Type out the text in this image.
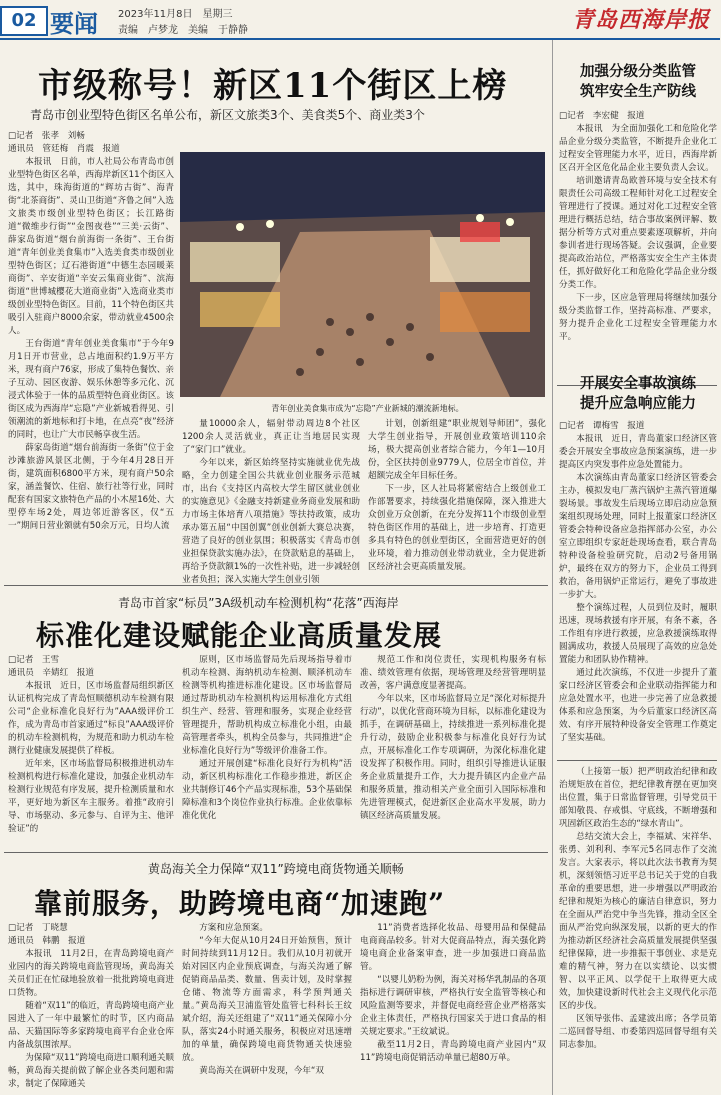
02 要闻 2023年11月8日　星期三
责编　卢梦龙　美编　于静静	青岛西海岸报
市级称号！新区11个街区上榜
青岛市创业型特色街区名单公布，新区文旅类3个、美食类5个、商业类3个
□记者　张孝　刘畅
通讯员　管廷梅　肖震　报道

本报讯　日前，市人社局公布青岛市创业型特色街区名单，西海岸新区11个街区入选，其中，珠海街道的“辉坊古街”、海青街“北茶商街”、灵山卫街道“齐鲁之间”入选文旅类市级创业型特色街区；长江路街道“微维步行街”“金图夜巷”“三美·云街”、薛家岛街道“烟台前海街一条街”、王台街道“青年创业美食集市”入选美食类市级创业型特色街区；辽石港街道“中德生态园暖莱商街”、辛安街道“辛安云集商业街”、滨海街道“世博城樱花大道商业街”入选商业类市级创业型特色街区。目前，11个特色街区共吸引入驻商户8000余家，带动就业4500余人。

王台街道“青年创业美食集市”于今年9月1日开市营业，总占地面积约1.9万平方米，现有商户76家，形成了集特色餐饮、亲子互动、园区夜游、娱乐休憩等多元化、沉浸式体验于一体的品质型特色商业街区。该街区成为西海岸“忘隐”产业新城看得见、引领潮流的新地标和打卡地，在点亮“夜”经济的同时，也让广大市民畅享夜生活。

薛家岛街道“烟台前海街一条街”位于金沙滩旅游风景区北侧，于今年4月28日开街，建筑面积6800平方米，现有商户50余家，涵盖餐饮、住宿、旅行社等行业，同时配套有国家文旅特色产品的小木屋16处、大型停车场2处，周边邻近游客区，仅“五一”期间日营业额就有50余万元，日均人流

青年创业美食集市成为“忘隐”产业新城的潮流新地标。

量10000余人，辐射带动周边8个社区1200余人灵活就业，真正让当地居民实现了“家门口”就业。

今年以来，新区始终坚持实施就业优先战略，全力创建全国公共就业创业服务示范城市，出台《支持区内高校大学生留区就业创业的实施意见》《金融支持新建业务商业发展和助力市场主体培育八项措施》等扶持政策，成功承办第五届“中国创翼”创业创新大赛总决赛，营造了良好的创业氛围；积极落实《青岛市创业担保贷款实施办法》，在贷款贴息的基础上，再给予贷款额1%的一次性补贴，进一步减轻创业者负担；深入实施大学生创业引领

计划，创新组建“职业规划导师团”，强化大学生创业指导，开展创业政策培训110余场，极大提高创业者综合能力，今年1—10月份，全区扶持创业9779人，位居全市首位，并超额完成全年目标任务。

下一步，区人社局将紧密结合上级创业工作部署要求，持续强化措施保障，深入推进大众创业万众创新，在充分发挥11个市级创业型特色街区作用的基础上，进一步培育、打造更多具有特色的创业型街区，全面营造更好的创业环境，着力推动创业带动就业，全力促进新区经济社会更高质量发展。

青岛市首家“标员”3A级机动车检测机构“花落”西海岸
标准化建设赋能企业高质量发展
□记者　王雪
通讯员　辛婧红　报道

本报讯　近日，区市场监督局组织新区认证机构完成了青岛恒顺德机动车检测有限公司“企业标准化良好行为”AAA级评价工作，成为青岛市首家通过“标良”AAA级评价的机动车检测机构，为规范和助力机动车检测行业健康发展提供了样板。

近年来，区市场监督局积极推进机动车检测机构进行标准化建设，加强企业机动车检测行业规范有序发展，提升检测质量和水平，更好地为新区车主服务。着推“政府引导、市场驱动、多元参与、自评为主、他评验证”的

原则，区市场监督局先后现场指导着市机动车检测、海纳机动车检测、顺泽机动车检测等机构推进标准化建设。区市场监督局通过帮助机动车检测机构运用标准化方式组织生产、经营、管理和服务，实现企业经营管理提升，帮助机构成立标准化小组，由最高管理者牵头，机构全员参与，共同推进“企业标准化良好行为”等级评价准备工作。

通过开展创建“标准化良好行为机构”活动，新区机构标准化工作稳步推进，新区企业共制修订46个产品实现标准，53个基础保障标准和3个岗位作业执行标准。企业依靠标准化优化

规范工作和岗位责任，实现机构服务有标准、绩效管理有依据，现场管理及经营管理明显改善，客户满意度显著提高。

今年以来，区市场监督局立足“深化对标提升行动”，以优化营商环境为目标，以标准化建设为抓手，在调研基础上，持续推进一系列标准化提升行动，鼓励企业积极参与标准化良好行为试点，开展标准化工作专项调研，为深化标准化建设发挥了积极作用。同时，组织引导推进认证服务企业质量提升工作，大力提升镇区内企业产品和服务质量，推动相关产业全面引入国际标准和先进管理模式，促进新区企业高水平发展，助力镇区经济高质量发展。

黄岛海关全力保障“双11”跨境电商货物通关顺畅
靠前服务，助跨境电商“加速跑”
□记者　丁晓慧
通讯员　韩鹏　报道

本报讯　11月2日，在青岛跨境电商产业园内的海关跨境电商监管现场，黄岛海关关员们正在忙碌地验放着一批批跨境电商进口货物。

随着“双11”的临近，青岛跨境电商产业园进入了一年中最繁忙的时节，区内商品品、天猫国际等多家跨境电商平台企业仓库内备战氛围浓厚。

为保障“双11”跨境电商进口顺利通关顺畅，黄岛海关提前做了解企业各类问题和需求，制定了保障通关

方案和应急预案。

“今年大促从10月24日开始预售，预计时间持续到11月12日。我们从10月初就开始对园区内企业预底调查，与海关沟通了解促销商品品类、数量、售卖计划，及时掌握仓储、物流等方面需求，科学预判通关量。”黄岛海关卫浦监管处监管七科科长王纹斌介绍，海关还组建了“双11”通关保障小分队，落实24小时通关服务，积极应对迅速增加的单量，确保跨境电商货物通关快速验放。

黄岛海关在调研中发现，今年“双

11”消费者选择化妆品、母婴用品和保健品电商商品较多。针对大促商品特点，海关强化跨境电商企业备案审查，进一步加强进口商品监管。

“以婴儿奶粉为例，海关对杨华乳制品的各项指标进行调研审核，严格执行安全监管等核心和风险监测等要求，并督促电商经营企业严格落实企业主体责任，严格执行国家关于进口食品的相关规定要求。”王纹斌说。

截至11月2日，青岛跨境电商产业园内“双11”跨境电商促销活动单量已超80万单。

加强分级分类监管
筑牢安全生产防线
□记者　李宏健　报道

本报讯　为全面加强化工和危险化学品企业分级分类监管，不断提升企业化工过程安全管理能力水平，近日，西海岸新区召开全区危化品企业主要负责人会议。

培训邀请青岛欧普环境与安全技术有限责任公司高级工程师针对化工过程安全管理进行了授课。通过对化工过程安全管理进行概括总结，结合事故案例评解、数据分析等方式对重点要素逐项解析，并向参训者进行现场答疑。会议强调，企业要提高政治站位，严格落实安全生产主体责任，抓好做好化工和危险化学品企业分级分类工作。

下一步，区应急管理局将继续加强分级分类监督工作，坚持高标准、严要求，努力提升企业化工过程安全管理能力水平。

开展安全事故演练
提升应急响应能力
□记者　谭梅雪　报道

本报讯　近日，青岛董家口经济区管委会开展安全事故应急预案演练，进一步提高区内突发事件应急处置能力。

本次演练由青岛董家口经济区管委会主办，模拟发电厂蒸汽锅炉主蒸汽管道爆裂场景。事故发生后现场立即启动应急预案组织现场处理，同时上报董家口经济区管委会特种设备应急指挥部办公室，办公室立即组织专家赶赴现场查看，联合青岛特种设备检验研究院，启动2号备用锅炉，最终在双方的努力下，企业员工得到救治，备用锅炉正常运行，避免了事故进一步扩大。

整个演练过程，人员到位及时，履职迅速，现场救援有序开展，有条不紊，各工作组有序进行救援，应急救援演练取得圆满成功，救援人员展现了高效的应急处置能力和团队协作精神。

通过此次演练，不仅进一步提升了董家口经济区管委会和企业联动指挥能力和应急处置水平，也进一步完善了应急救援体系和应急预案，为今后董家口经济区高效、有序开展特种设备安全管理工作奠定了坚实基础。

（上接第一版）把严明政治纪律和政治规矩放在首位，把纪律教育摆在更加突出位置，集于日常监督管理，引导党员干部知敬畏、存戒惧、守底线，不断增强和巩固新区政治生态的“绿水青山”。

总结交流大会上，李福斌、宋祥华、张勇、刘利利、李军元5名同志作了交流发言。大家表示，将以此次法书教育为契机，深刻领悟习近平总书记关于党的自我革命的重要思想，进一步增强以严明政治纪律和规矩为核心的廉洁自律意识，努力在全面从严治党中争当先锋，推动全区全面从严治党向纵深发展，以新的更大的作为推动新区经济社会高质量发展提供坚强纪律保障，进一步推振干事创业、求是克难的精气神，努力在以实绩论、以实惯智、以平正风、以学促干上取得更大成效，加快建设新时代社会主义现代化示范区的步伐。

区领导张伟、孟建波出席；各学员第二巡回督导组、市委第四巡回督导组有关同志参加。
